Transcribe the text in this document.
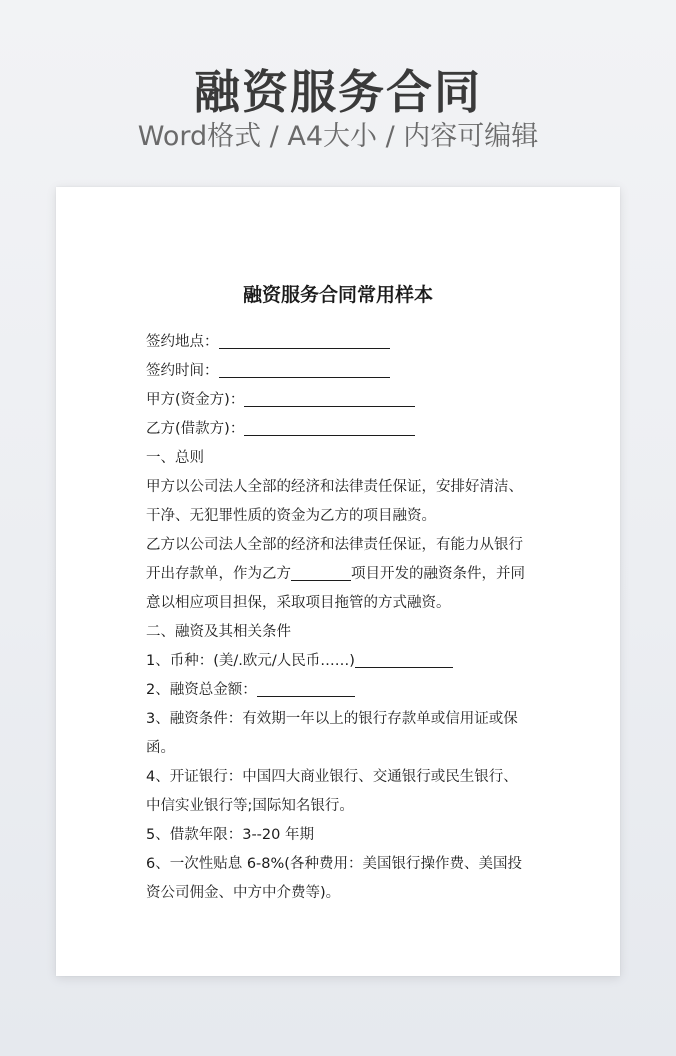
融资服务合同
Word格式 / A4大小 / 内容可编辑
融资服务合同常用样本
签约地点：
签约时间：
甲方(资金方)：
乙方(借款方)：
一、总则
甲方以公司法人全部的经济和法律责任保证，安排好清洁、
干净、无犯罪性质的资金为乙方的项目融资。
乙方以公司法人全部的经济和法律责任保证，有能力从银行
开出存款单，作为乙方	项目开发的融资条件，并同
意以相应项目担保，采取项目拖管的方式融资。
二、融资及其相关条件
1、币种：(美/.欧元/人民币……)
2、融资总金额：
3、融资条件：有效期一年以上的银行存款单或信用证或保
函。
4、开证银行：中国四大商业银行、交通银行或民生银行、
中信实业银行等;国际知名银行。
5、借款年限：3--20 年期
6、一次性贴息 6-8%(各种费用：美国银行操作费、美国投
资公司佣金、中方中介费等)。
